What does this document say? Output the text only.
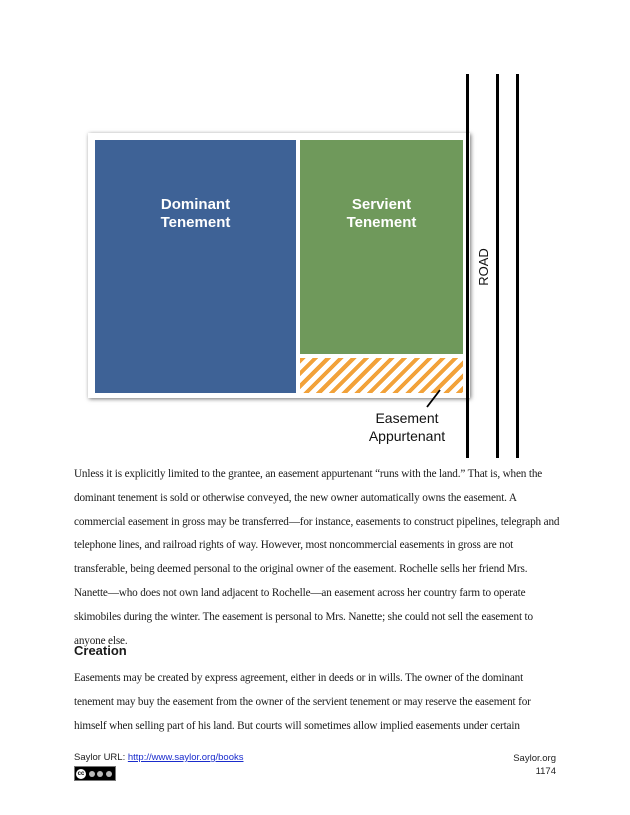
Dominant
Tenement
Servient
Tenement
ROAD
Easement
Appurtenant

Unless it is explicitly limited to the grantee, an easement appurtenant “runs with the land.” That is, when the dominant tenement is sold or otherwise conveyed, the new owner automatically owns the easement. A commercial easement in gross may be transferred—for instance, easements to construct pipelines, telegraph and telephone lines, and railroad rights of way. However, most noncommercial easements in gross are not transferable, being deemed personal to the original owner of the easement. Rochelle sells her friend Mrs. Nanette—who does not own land adjacent to Rochelle—an easement across her country farm to operate skimobiles during the winter. The easement is personal to Mrs. Nanette; she could not sell the easement to anyone else.

Creation

Easements may be created by express agreement, either in deeds or in wills. The owner of the dominant tenement may buy the easement from the owner of the servient tenement or may reserve the easement for himself when selling part of his land. But courts will sometimes allow implied easements under certain

Saylor URL: http://www.saylor.org/books
cc
Saylor.org
1174
